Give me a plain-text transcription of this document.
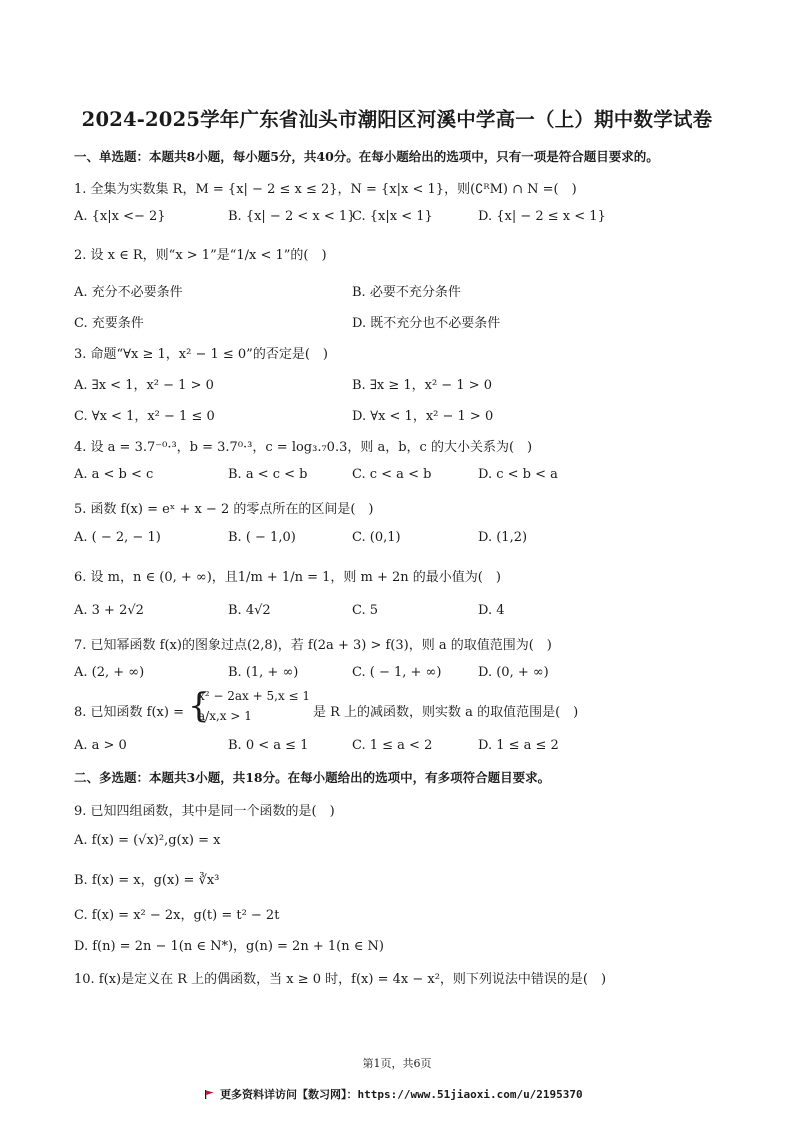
2024-2025学年广东省汕头市潮阳区河溪中学高一（上）期中数学试卷
一、单选题：本题共8小题，每小题5分，共40分。在每小题给出的选项中，只有一项是符合题目要求的。
1. 全集为实数集 R，M = {x| − 2 ≤ x ≤ 2}，N = {x|x < 1}，则(∁ᴿM) ∩ N =(　)
A. {x|x <− 2}	B. {x| − 2 < x < 1}
C. {x|x < 1}	D. {x| − 2 ≤ x < 1}
2. 设 x ∈ R，则“x > 1”是“1/x < 1”的(　)
A. 充分不必要条件	B. 必要不充分条件
C. 充要条件	D. 既不充分也不必要条件
3. 命题“∀x ≥ 1，x² − 1 ≤ 0”的否定是(　)
A. ∃x < 1，x² − 1 > 0	B. ∃x ≥ 1，x² − 1 > 0
C. ∀x < 1，x² − 1 ≤ 0	D. ∀x < 1，x² − 1 > 0
4. 设 a = 3.7⁻⁰·³，b = 3.7⁰·³，c = log₃.₇0.3，则 a，b，c 的大小关系为(　)
A. a < b < c	B. a < c < b	C. c < a < b	D. c < b < a
5. 函数 f(x) = eˣ + x − 2 的零点所在的区间是(　)
A. ( − 2, − 1)	B. ( − 1,0)	C. (0,1)	D. (1,2)
6. 设 m，n ∈ (0, + ∞)，且1/m + 1/n = 1，则 m + 2n 的最小值为(　)
A. 3 + 2√2	B. 4√2	C. 5	D. 4
7. 已知幂函数 f(x)的图象过点(2,8)，若 f(2a + 3) > f(3)，则 a 的取值范围为(　)
A. (2, + ∞)	B. (1, + ∞)	C. ( − 1, + ∞)	D. (0, + ∞)
8. 已知函数 f(x) = {
x² − 2ax + 5,x ≤ 1
a/x,x > 1	是 R 上的减函数，则实数 a 的取值范围是(　)
A. a > 0	B. 0 < a ≤ 1	C. 1 ≤ a < 2	D. 1 ≤ a ≤ 2
二、多选题：本题共3小题，共18分。在每小题给出的选项中，有多项符合题目要求。
9. 已知四组函数，其中是同一个函数的是(　)
A. f(x) = (√x)²,g(x) = x
B. f(x) = x，g(x) = ∛x³
C. f(x) = x² − 2x，g(t) = t² − 2t
D. f(n) = 2n − 1(n ∈ N*)，g(n) = 2n + 1(n ∈ N)
10. f(x)是定义在 R 上的偶函数，当 x ≥ 0 时，f(x) = 4x − x²，则下列说法中错误的是(　)
第1页，共6页
更多资料详访问【数习网】：https://www.51jiaoxi.com/u/2195370
